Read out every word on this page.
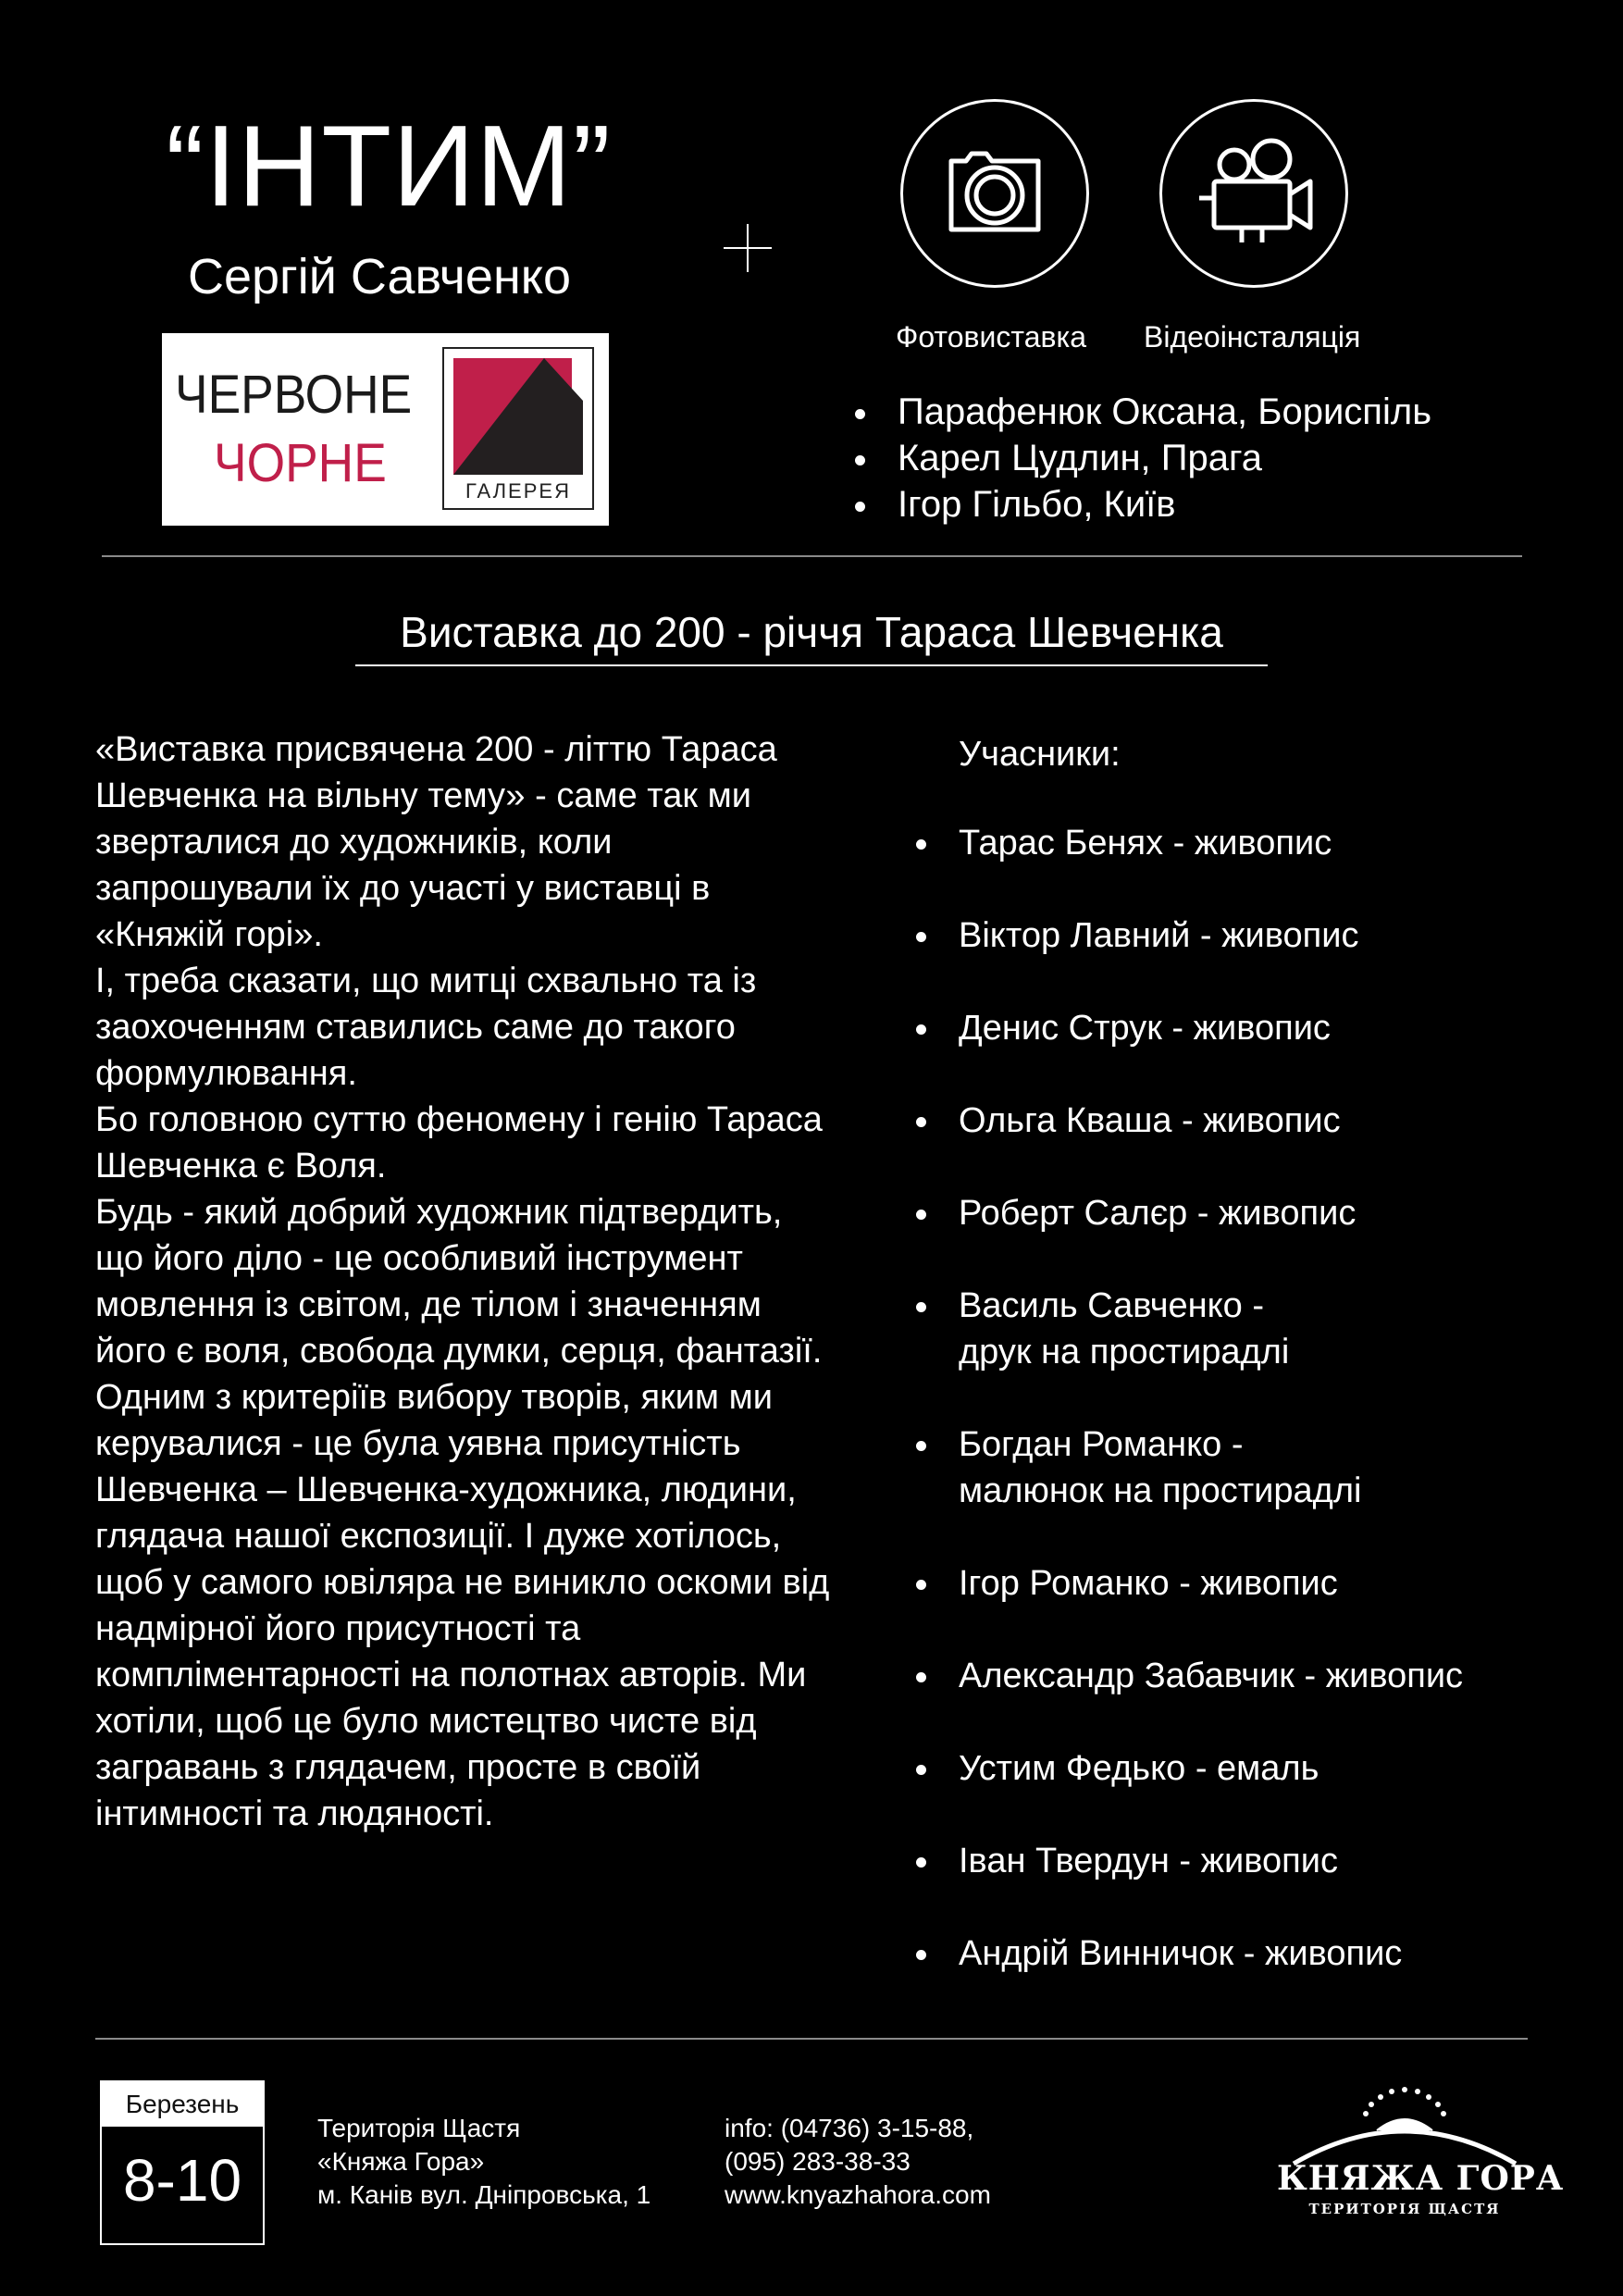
“ІНТИМ”
Сергій Савченко
ЧЕРВОНЕ
ЧОРНЕ	ГАЛЕРЕЯ
Фотовиставка Відеоінсталяція
Парафенюк Оксана, Бориспіль
Карел Цудлин, Прага
Ігор Гільбо, Київ
Виставка до 200 - річчя Тараса Шевченка

«Виставка присвячена 200 - літтю Тараса Шевченка на вільну тему» - саме так ми зверталися до художників, коли запрошували їх до участі у виставці в «Княжій горі».

І, треба сказати, що митці схвально та із заохоченням ставились саме до такого формулювання.

Бо головною суттю феномену і генію Тараса Шевченка є Воля.

Будь - який добрий художник підтвердить, що його діло - це особливий інструмент мовлення із світом, де тілом і значенням його є воля, свобода думки, серця, фантазії.

Одним з критеріїв вибору творів, яким ми керувалися - це була уявна присутність Шевченка – Шевченка-художника, людини, глядача нашої експозиції. І дуже хотілось, щоб у самого ювіляра не виникло оскоми від надмірної його присутності та компліментарності на полотнах авторів. Ми хотіли, щоб це було мистецтво чисте від загравань з глядачем, просте в своїй інтимності та людяності.

Учасники:
Тарас Бенях - живопис
Віктор Лавний - живопис
Денис Струк - живопис
Ольга Кваша - живопис
Роберт Салєр - живопис
Василь Савченко -
друк на простирадлі
Богдан Романко -
малюнок на простирадлі
Ігор Романко - живопис
Александр Забавчик - живопис
Устим Федько - емаль
Іван Твердун - живопис
Андрій Винничок - живопис
Березень
8-10
Територія Щастя
«Княжа Гора»
м. Канів вул. Дніпровська, 1
info: (04736) 3-15-88,
(095) 283-38-33
www.knyazhahora.com	КНЯЖА ГОРА
ТЕРИТОРІЯ ЩАСТЯ
